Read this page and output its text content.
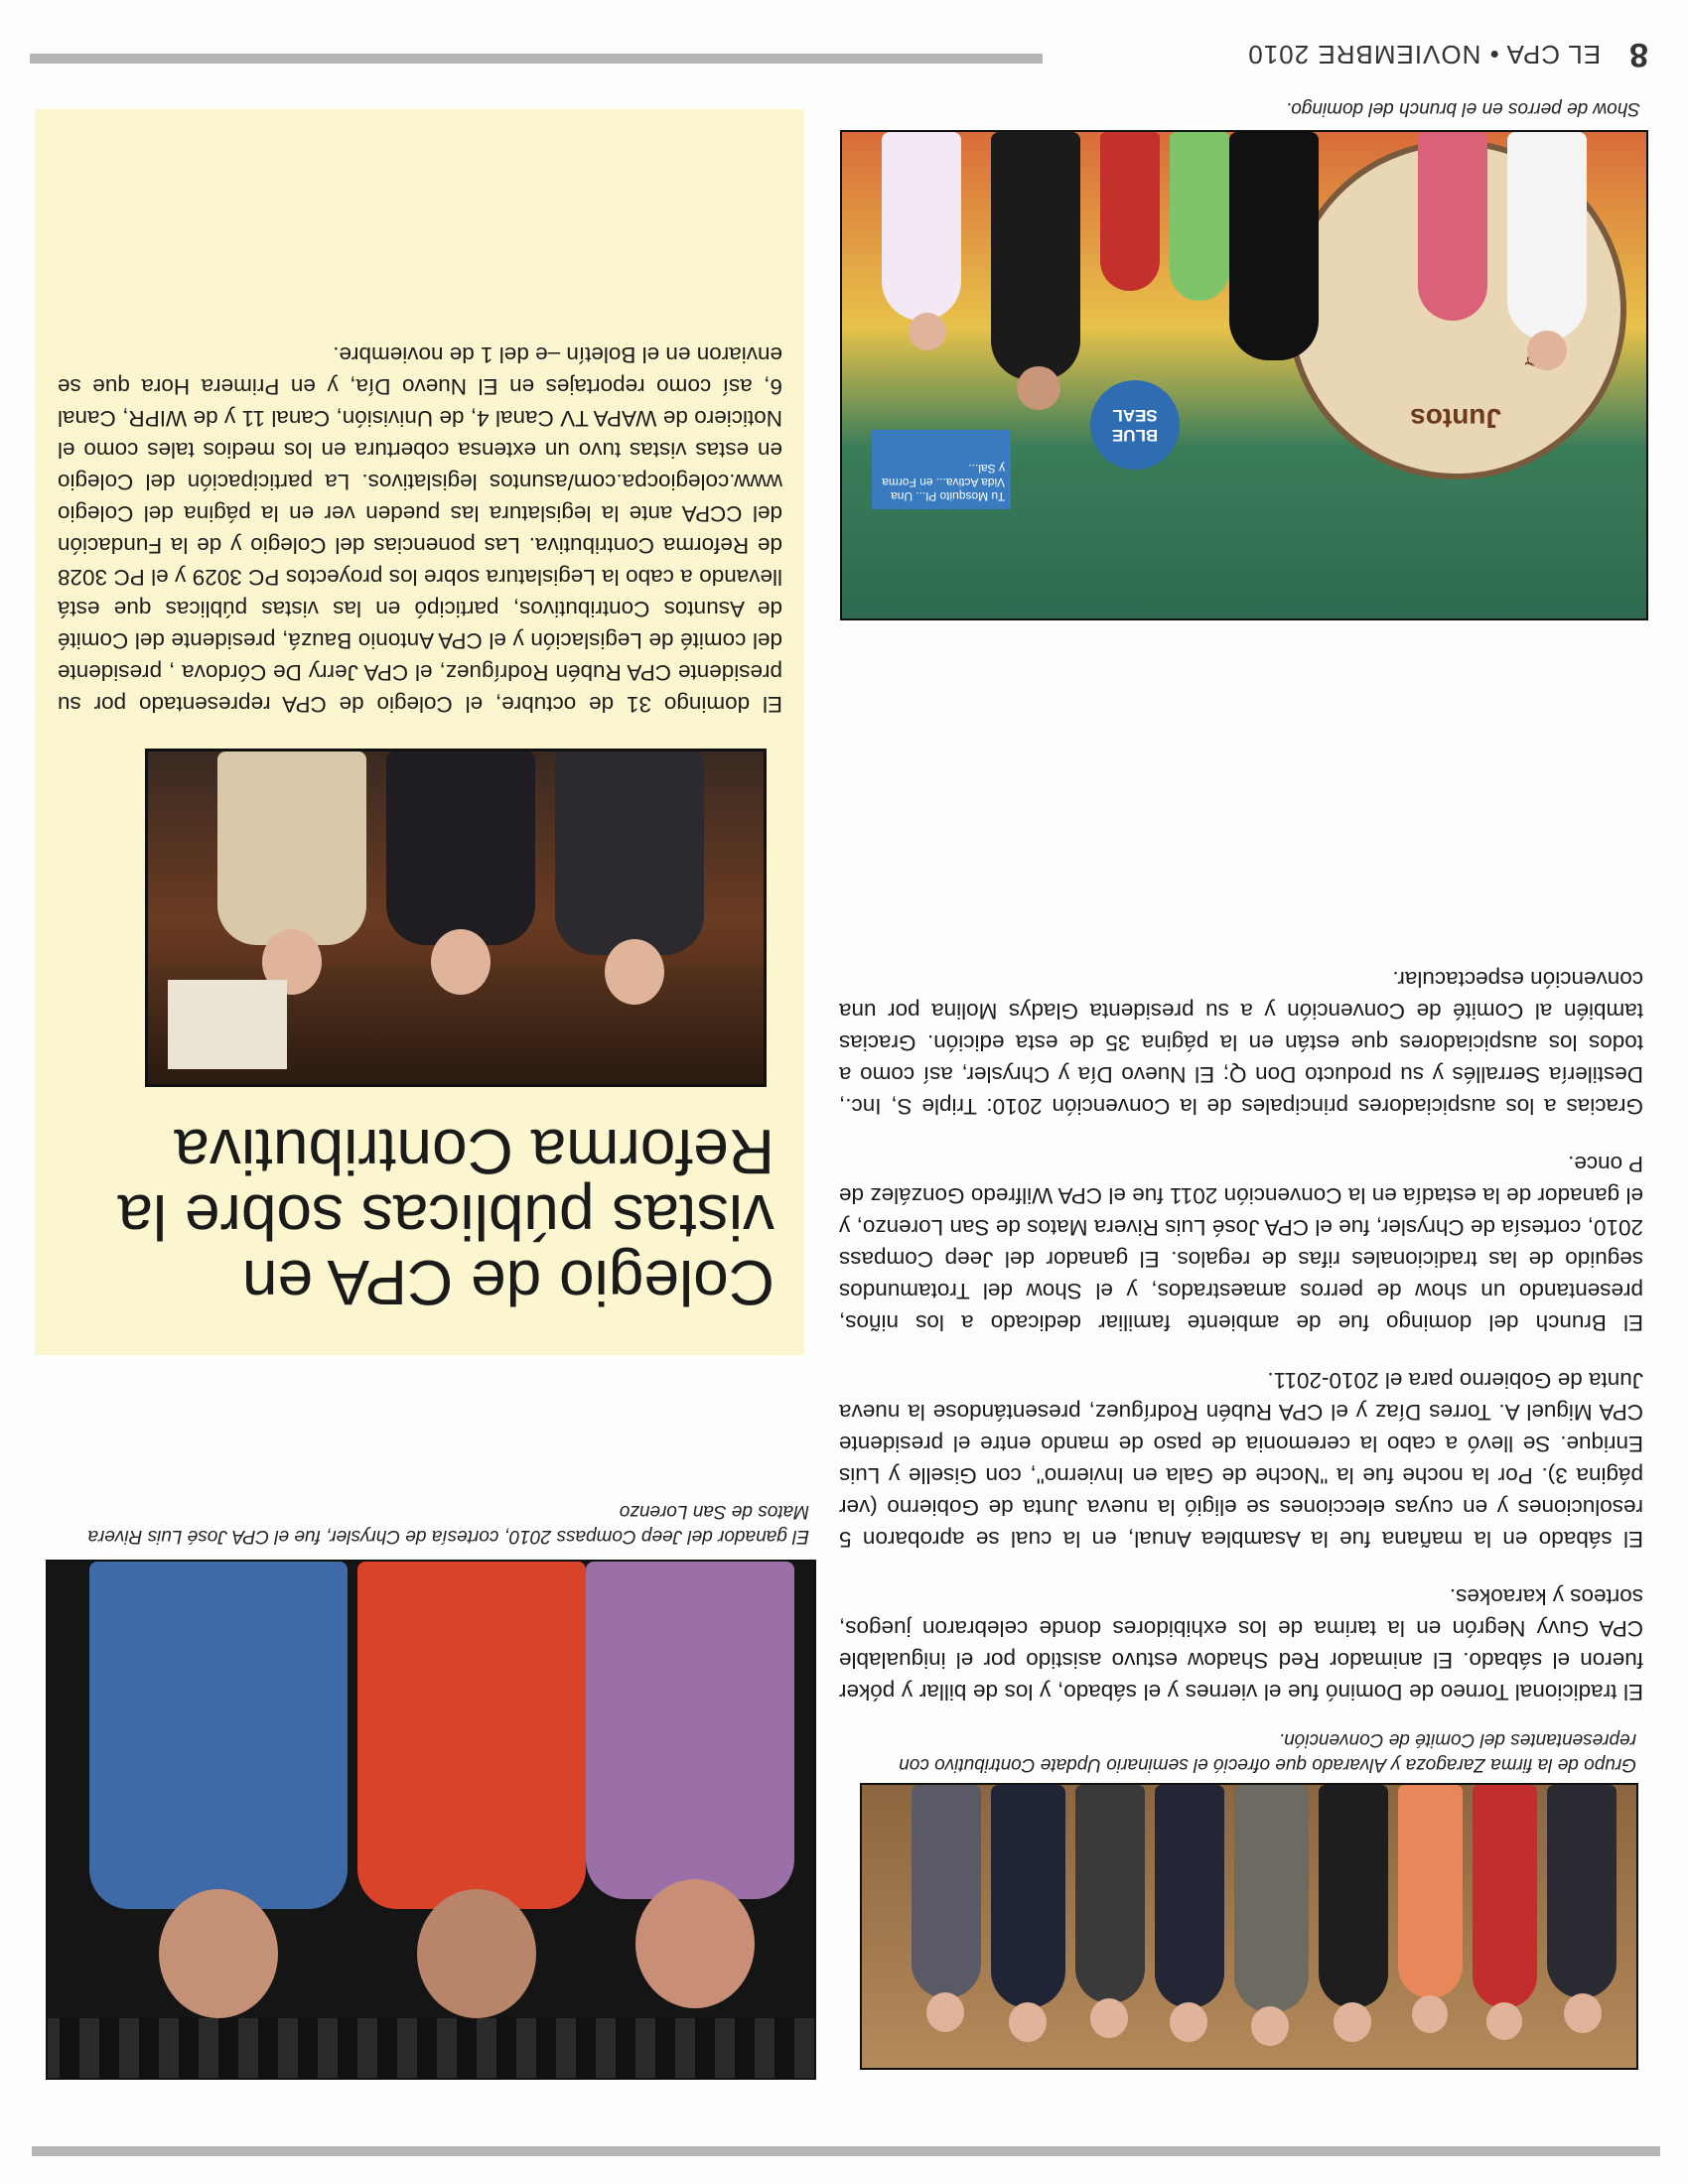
8
EL CPA • NOVIEMBRE 2010
Juntos
BLUE SEAL
Tu Mosquito Pl... Una Vida Activa... en Forma y Sal...
Show de perros en el brunch del domingo.
Grupo de la firma Zaragoza y Alvarado que ofreció el seminario Update Contributivo con representantes del Comité de Convención.

El tradicional Torneo de Dominó fue el viernes y el sábado, y los de billar y póker fueron el sábado. El animador Red Shadow estuvo asistido por el inigualable CPA Guvy Negrón en la tarima de los exhibidores donde celebraron juegos, sorteos y karaokes.

El sábado en la mañana fue la Asamblea Anual, en la cual se aprobaron 5 resoluciones y en cuyas elecciones se eligió la nueva Junta de Gobierno (ver página 3). Por la noche fue la "Noche de Gala en Invierno", con Giselle y Luis Enrique. Se llevó a cabo la ceremonia de paso de mando entre el presidente CPA Miguel A. Torres Díaz y el CPA Rubén Rodríguez, presentándose la nueva Junta de Gobierno para el 2010-2011.

El Brunch del domingo fue de ambiente familiar dedicado a los niños, presentando un show de perros amaestrados, y el Show del Trotamundos seguido de las tradicionales rifas de regalos. El ganador del Jeep Compass 2010, cortesía de Chrysler, fue el CPA José Luis Rivera Matos de San Lorenzo, y el ganador de la estadía en la Convención 2011 fue el CPA Wilfredo González de P once.

Gracias a los auspiciadores principales de la Convención 2010: Triple S, Inc., Destilería Serrallés y su producto Don Q; El Nuevo Día y Chrysler, así como a todos los auspiciadores que están en la página 35 de esta edición. Gracias también al Comité de Convención y a su presidenta Gladys Molina por una convención espectacular.

El ganador del Jeep Compass 2010, cortesía de Chrysler, fue el CPA José Luis Rivera Matos de San Lorenzo
Colegio de CPA en vistas públicas sobre la Reforma Contributiva
El domingo 31 de octubre, el Colegio de CPA representado por su presidente CPA Rubén Rodríguez, el CPA Jerry De Córdova , presidente del comité de Legislación y el CPA Antonio Bauzá, presidente del Comité de Asuntos Contributivos, participó en las vistas públicas que está llevando a cabo la Legislatura sobre los proyectos PC 3029 y el PC 3028 de Reforma Contributiva. Las ponencias del Colegio y de la Fundación del CCPA ante la legislatura las pueden ver en la página del Colegio www.colegiocpa.com/asuntos legislativos. La participación del Colegio en estas vistas tuvo un extensa cobertura en los medios tales como el Noticiero de WAPA TV Canal 4, de Univisión, Canal 11 y de WIPR, Canal 6, así como reportajes en El Nuevo Día, y en Primera Hora que se enviaron en el Boletín –e del 1 de noviembre.
